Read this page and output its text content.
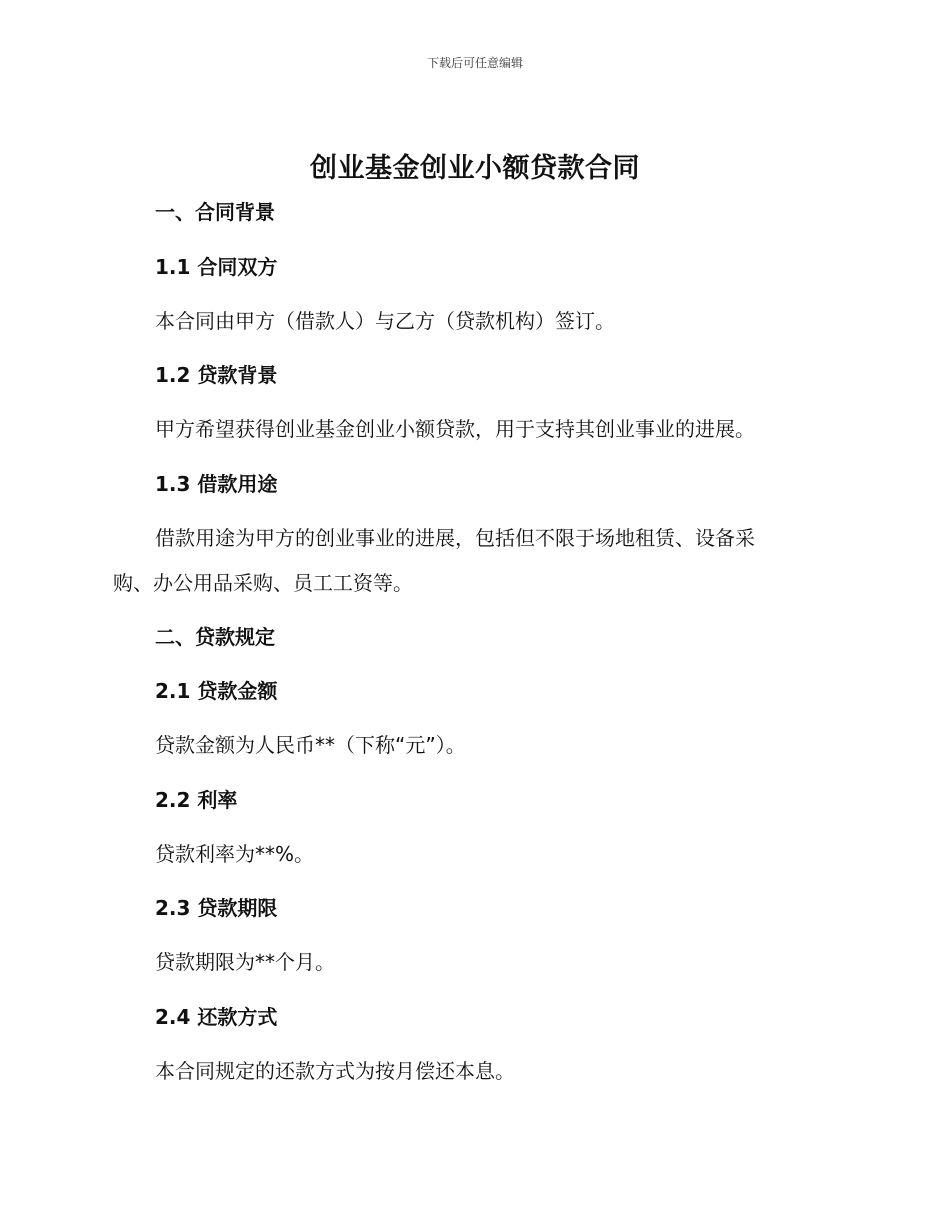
下载后可任意编辑
创业基金创业小额贷款合同
一、合同背景
1.1 合同双方
本合同由甲方（借款人）与乙方（贷款机构）签订。
1.2 贷款背景
甲方希望获得创业基金创业小额贷款，用于支持其创业事业的进展。
1.3 借款用途
借款用途为甲方的创业事业的进展，包括但不限于场地租赁、设备采
购、办公用品采购、员工工资等。
二、贷款规定
2.1 贷款金额
贷款金额为人民币**（下称“元”）。
2.2 利率
贷款利率为**%。
2.3 贷款期限
贷款期限为**个月。
2.4 还款方式
本合同规定的还款方式为按月偿还本息。
